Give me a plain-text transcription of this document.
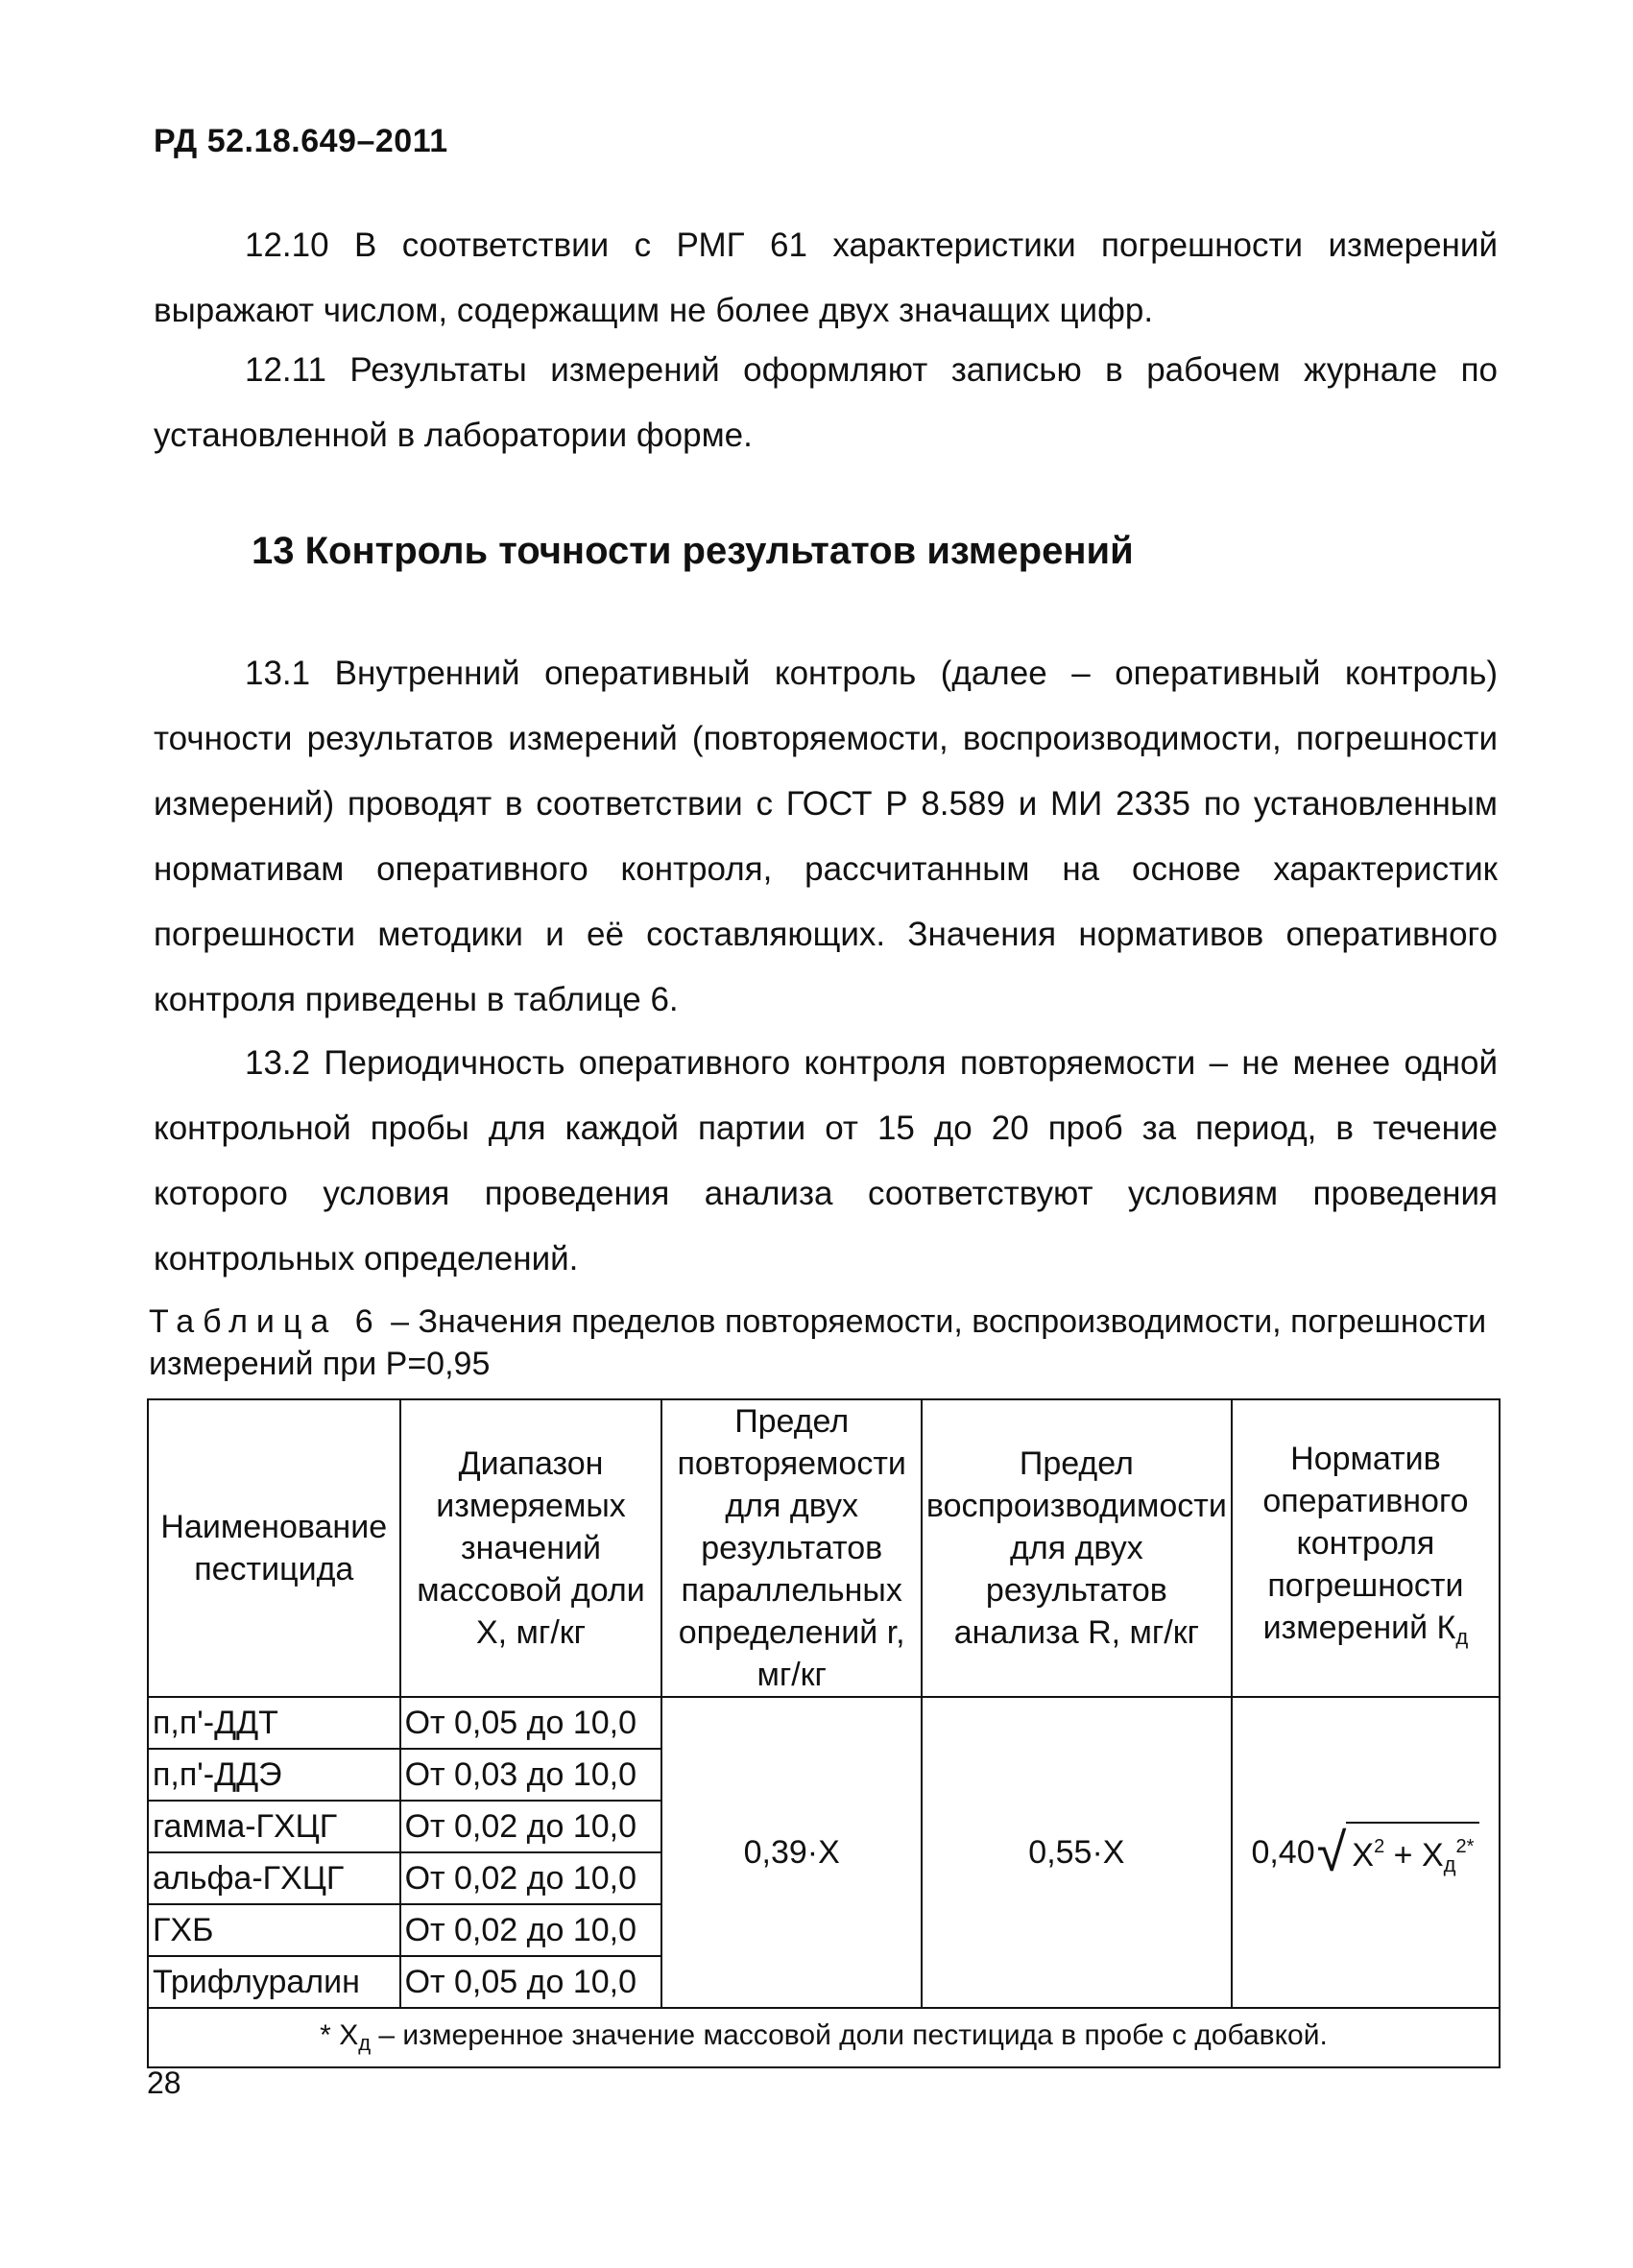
РД 52.18.649–2011
12.10 В соответствии с РМГ 61 характеристики погрешности измерений выражают числом, содержащим не более двух значащих цифр.
12.11 Результаты измерений оформляют записью в рабочем журнале по установленной в лаборатории форме.
13 Контроль точности результатов измерений
13.1 Внутренний оперативный контроль (далее – оперативный контроль) точности результатов измерений (повторяемости, воспроизводимости, погрешности измерений) проводят в соответствии с ГОСТ Р 8.589 и МИ 2335 по установленным нормативам оперативного контроля, рассчитанным на основе характеристик погрешности методики и её составляющих. Значения нормативов оперативного контроля приведены в таблице 6.
13.2 Периодичность оперативного контроля повторяемости – не менее одной контрольной пробы для каждой партии от 15 до 20 проб за период, в течение которого условия проведения анализа соответствуют условиям проведения контрольных определений.
Таблица 6 – Значения пределов повторяемости, воспроизводимости, погрешности измерений при Р=0,95
Наименование пестицида	Диапазон измеряемых значений массовой доли Х, мг/кг	Предел повторяемости для двух результатов параллельных определений r, мг/кг	Предел воспроизводимости для двух результатов анализа R, мг/кг	Норматив оперативного контроля погрешности измерений $К_д$
п,п'-ДДТ	От 0,05 до 10,0	0,39·Х	0,55·Х	0,40 √ $Х^2 + Х_д^{2*}$

п,п'-ДДЭ	От 0,03 до 10,0			
гамма-ГХЦГ	От 0,02 до 10,0			
альфа-ГХЦГ	От 0,02 до 10,0			
ГХБ	От 0,02 до 10,0			
Трифлуралин	От 0,05 до 10,0			
* $Х_д$ – измеренное значение массовой доли пестицида в пробе с добавкой.				
28
